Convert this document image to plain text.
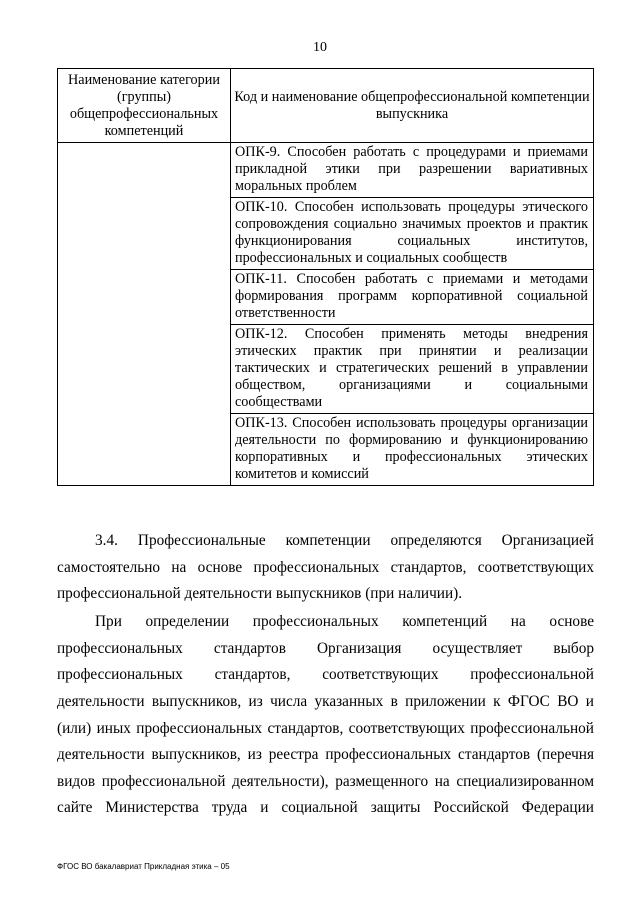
10
Наименование категории (группы) общепрофессиональных компетенций	Код и наименование общепрофессиональной компетенции выпускника
	ОПК-9. Способен работать с процедурами и приемами прикладной этики при разрешении вариативных моральных проблем
	ОПК-10. Способен использовать процедуры этического сопровождения социально значимых проектов и практик функционирования социальных институтов, профессиональных и социальных сообществ
	ОПК-11. Способен работать с приемами и методами формирования программ корпоративной социальной ответственности
	ОПК-12. Способен применять методы внедрения этических практик при принятии и реализации тактических и стратегических решений в управлении обществом, организациями и социальными сообществами
	ОПК-13. Способен использовать процедуры организации деятельности по формированию и функционированию корпоративных и профессиональных этических комитетов и комиссий

3.4. Профессиональные компетенции определяются Организацией самостоятельно на основе профессиональных стандартов, соответствующих профессиональной деятельности выпускников (при наличии).

При определении профессиональных компетенций на основе профессиональных стандартов Организация осуществляет выбор профессиональных стандартов, соответствующих профессиональной деятельности выпускников, из числа указанных в приложении к ФГОС ВО и (или) иных профессиональных стандартов, соответствующих профессиональной деятельности выпускников, из реестра профессиональных стандартов (перечня видов профессиональной деятельности), размещенного на специализированном сайте Министерства труда и социальной защиты Российской Федерации

ФГОС ВО бакалавриат Прикладная этика – 05
